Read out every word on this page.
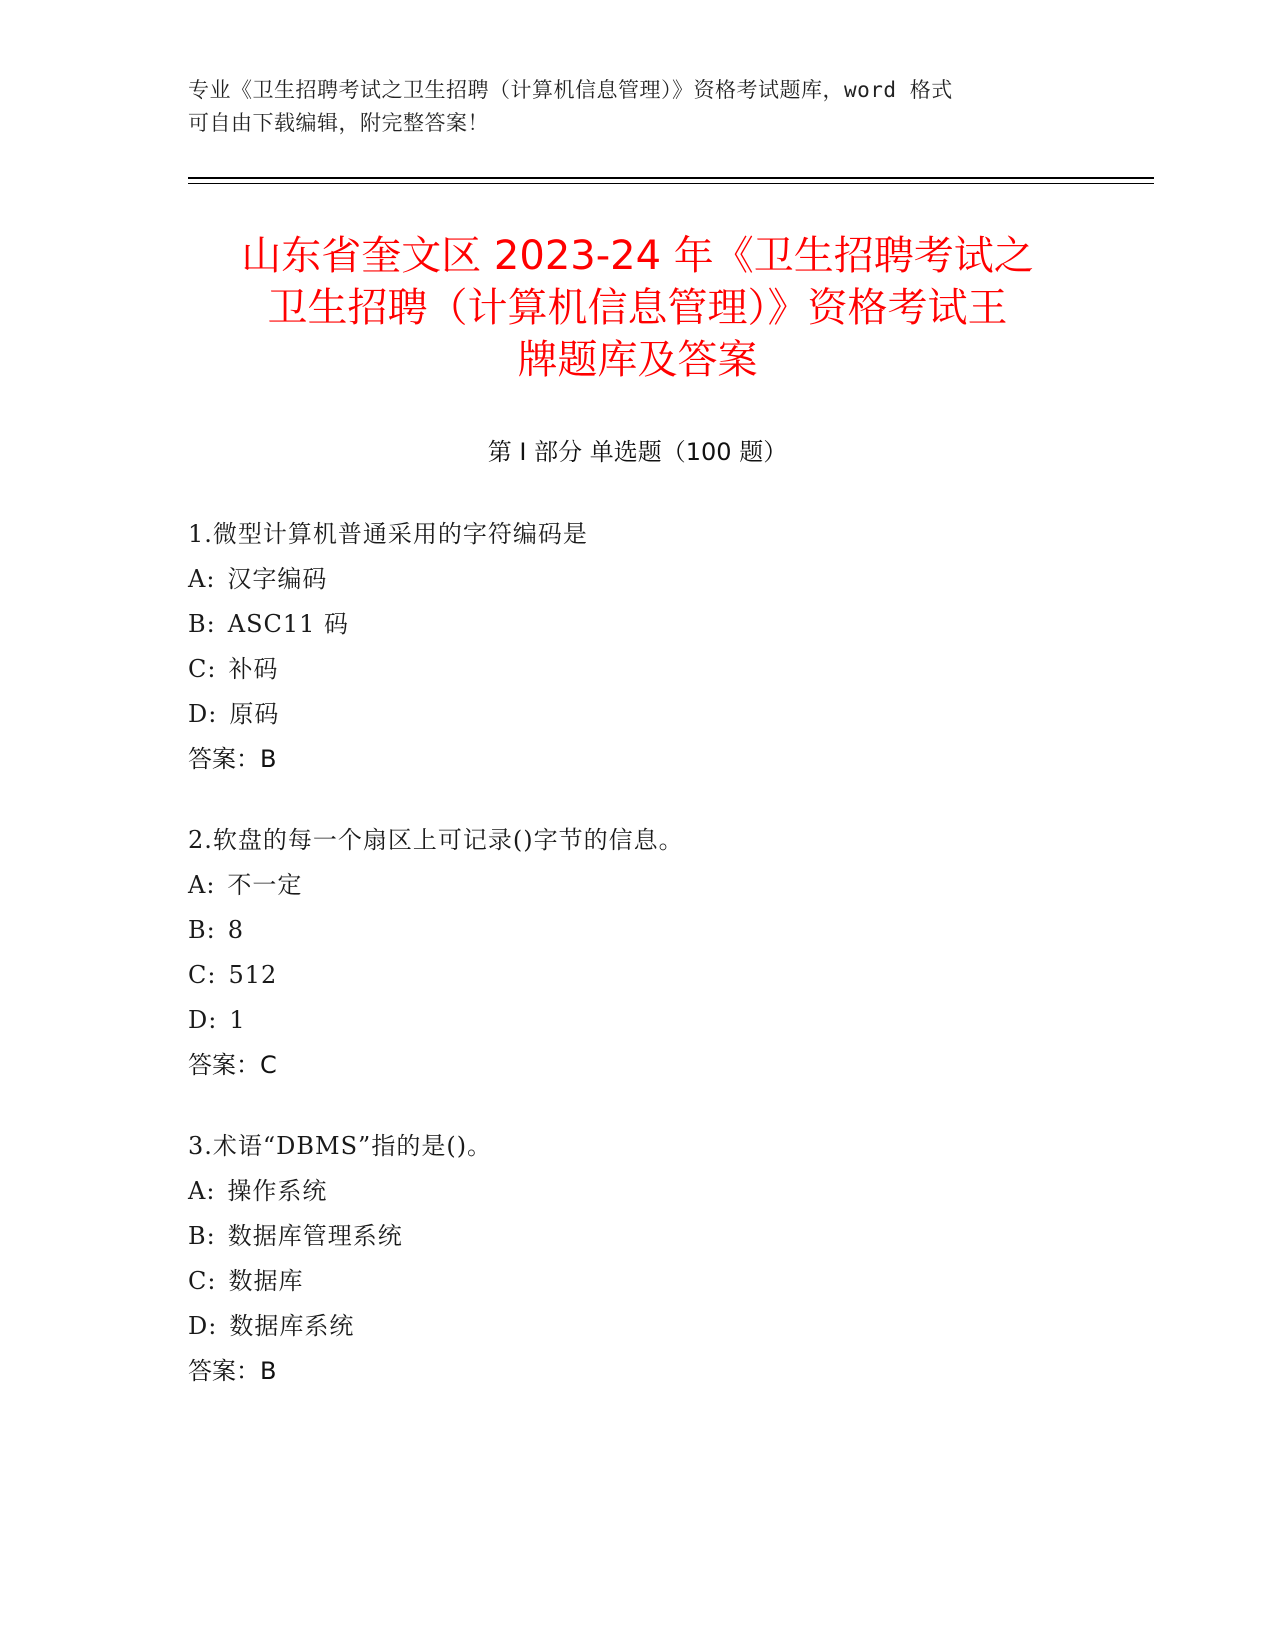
专业《卫生招聘考试之卫生招聘（计算机信息管理）》资格考试题库，word 格式
可自由下载编辑，附完整答案！
山东省奎文区 2023-24 年《卫生招聘考试之
卫生招聘（计算机信息管理）》资格考试王
牌题库及答案
第 I 部分 单选题（100 题）
1.微型计算机普通采用的字符编码是
A: 汉字编码
B: ASC11 码
C: 补码
D: 原码
答案：B
2.软盘的每一个扇区上可记录()字节的信息。
A: 不一定
B: 8
C: 512
D: 1
答案：C
3.术语“DBMS”指的是()。
A: 操作系统
B: 数据库管理系统
C: 数据库
D: 数据库系统
答案：B
